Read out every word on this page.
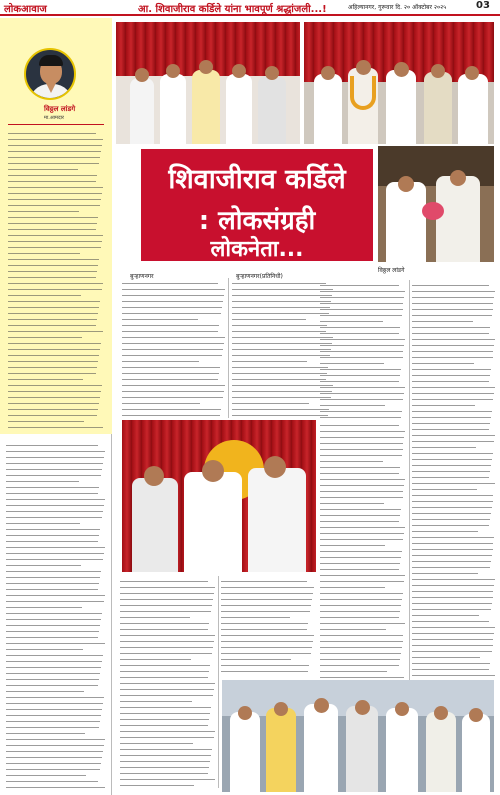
लोकआवाज	आ. शिवाजीराव कर्डिले यांना भावपूर्ण श्रद्धांजली...!	अहिल्यानगर, गुरूवार दि. २० ऑक्टोबर २०२५	03
विठ्ठल लांडगे
मा.आमदार
शिवाजीराव कर्डिले
: लोकसंग्रही
लोकनेता...
विठ्ठल लांडगे
बुऱ्हाणनगर	बुऱ्हाणनगर(प्रतिनिधी)
